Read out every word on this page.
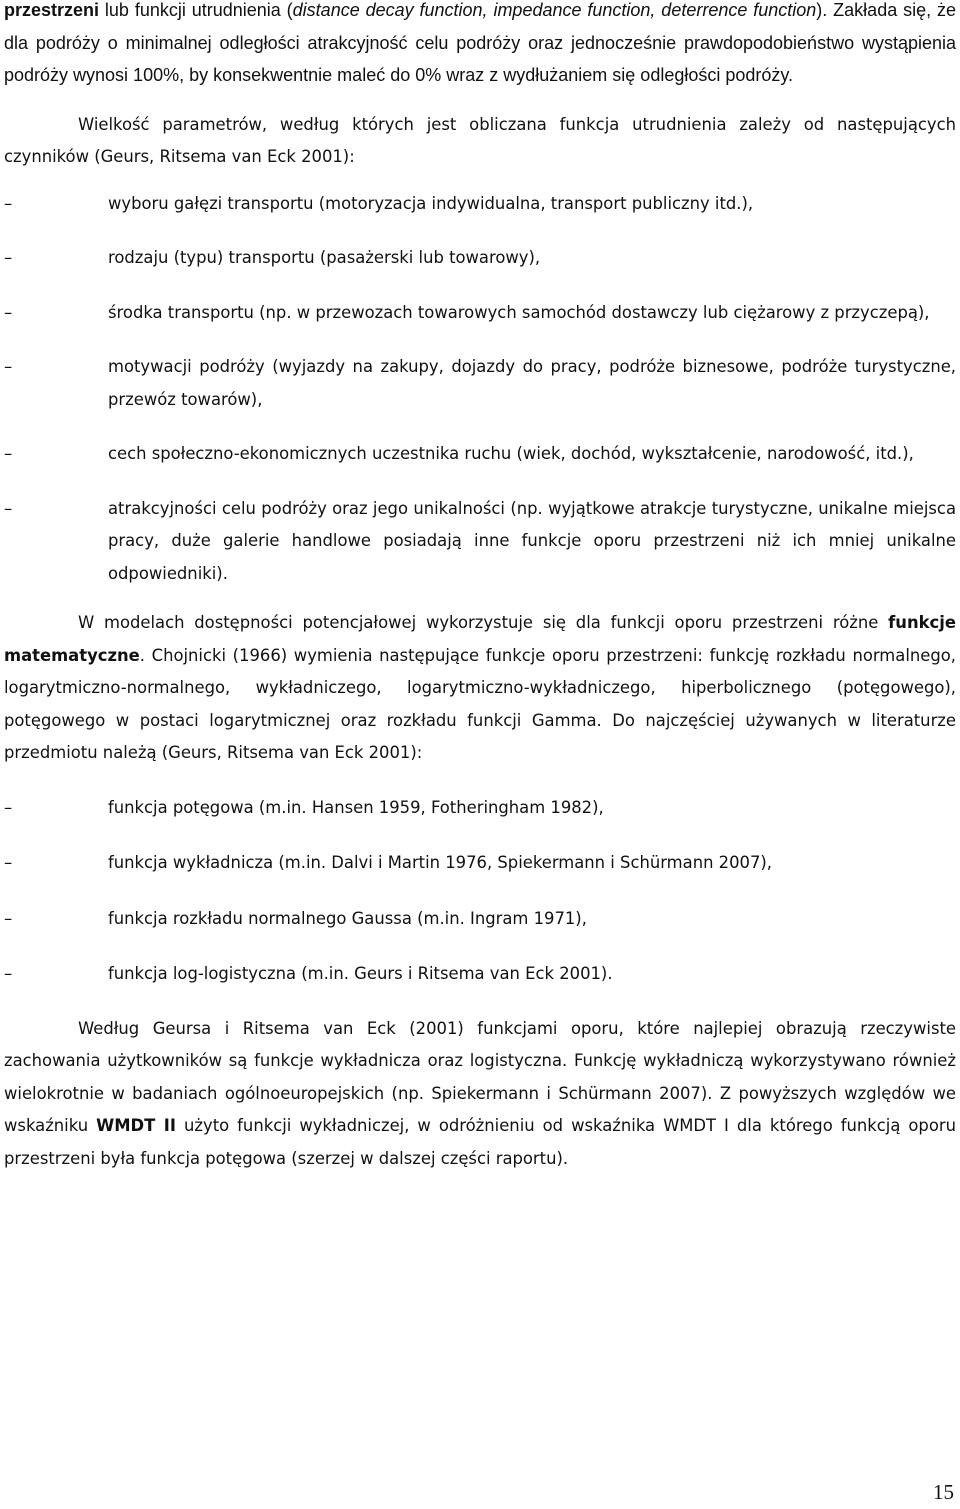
przestrzeni lub funkcji utrudnienia (distance decay function, impedance function, deterrence function). Zakłada się, że dla podróży o minimalnej odległości atrakcyjność celu podróży oraz jednocześnie prawdopodobieństwo wystąpienia podróży wynosi 100%, by konsekwentnie maleć do 0% wraz z wydłużaniem się odległości podróży.

Wielkość parametrów, według których jest obliczana funkcja utrudnienia zależy od następujących czynników (Geurs, Ritsema van Eck 2001):

–	wyboru gałęzi transportu (motoryzacja indywidualna, transport publiczny itd.),
–	rodzaju (typu) transportu (pasażerski lub towarowy),
–	środka transportu (np. w przewozach towarowych samochód dostawczy lub ciężarowy z przyczepą),
–	motywacji podróży (wyjazdy na zakupy, dojazdy do pracy, podróże biznesowe, podróże turystyczne, przewóz towarów),
–	cech społeczno-ekonomicznych uczestnika ruchu (wiek, dochód, wykształcenie, narodowość, itd.),
–	atrakcyjności celu podróży oraz jego unikalności (np. wyjątkowe atrakcje turystyczne, unikalne miejsca pracy, duże galerie handlowe posiadają inne funkcje oporu przestrzeni niż ich mniej unikalne odpowiedniki).

W modelach dostępności potencjałowej wykorzystuje się dla funkcji oporu przestrzeni różne funkcje matematyczne. Chojnicki (1966) wymienia następujące funkcje oporu przestrzeni: funkcję rozkładu normalnego, logarytmiczno-normalnego, wykładniczego, logarytmiczno-wykładniczego, hiperbolicznego (potęgowego), potęgowego w postaci logarytmicznej oraz rozkładu funkcji Gamma. Do najczęściej używanych w literaturze przedmiotu należą (Geurs, Ritsema van Eck 2001):

–	funkcja potęgowa (m.in. Hansen 1959, Fotheringham 1982),
–	funkcja wykładnicza (m.in. Dalvi i Martin 1976, Spiekermann i Schürmann 2007),
–	funkcja rozkładu normalnego Gaussa (m.in. Ingram 1971),
–	funkcja log-logistyczna (m.in. Geurs i Ritsema van Eck 2001).

Według Geursa i Ritsema van Eck (2001) funkcjami oporu, które najlepiej obrazują rzeczywiste zachowania użytkowników są funkcje wykładnicza oraz logistyczna. Funkcję wykładniczą wykorzystywano również wielokrotnie w badaniach ogólnoeuropejskich (np. Spiekermann i Schürmann 2007). Z powyższych względów we wskaźniku WMDT II użyto funkcji wykładniczej, w odróżnieniu od wskaźnika WMDT I dla którego funkcją oporu przestrzeni była funkcja potęgowa (szerzej w dalszej części raportu).

15
